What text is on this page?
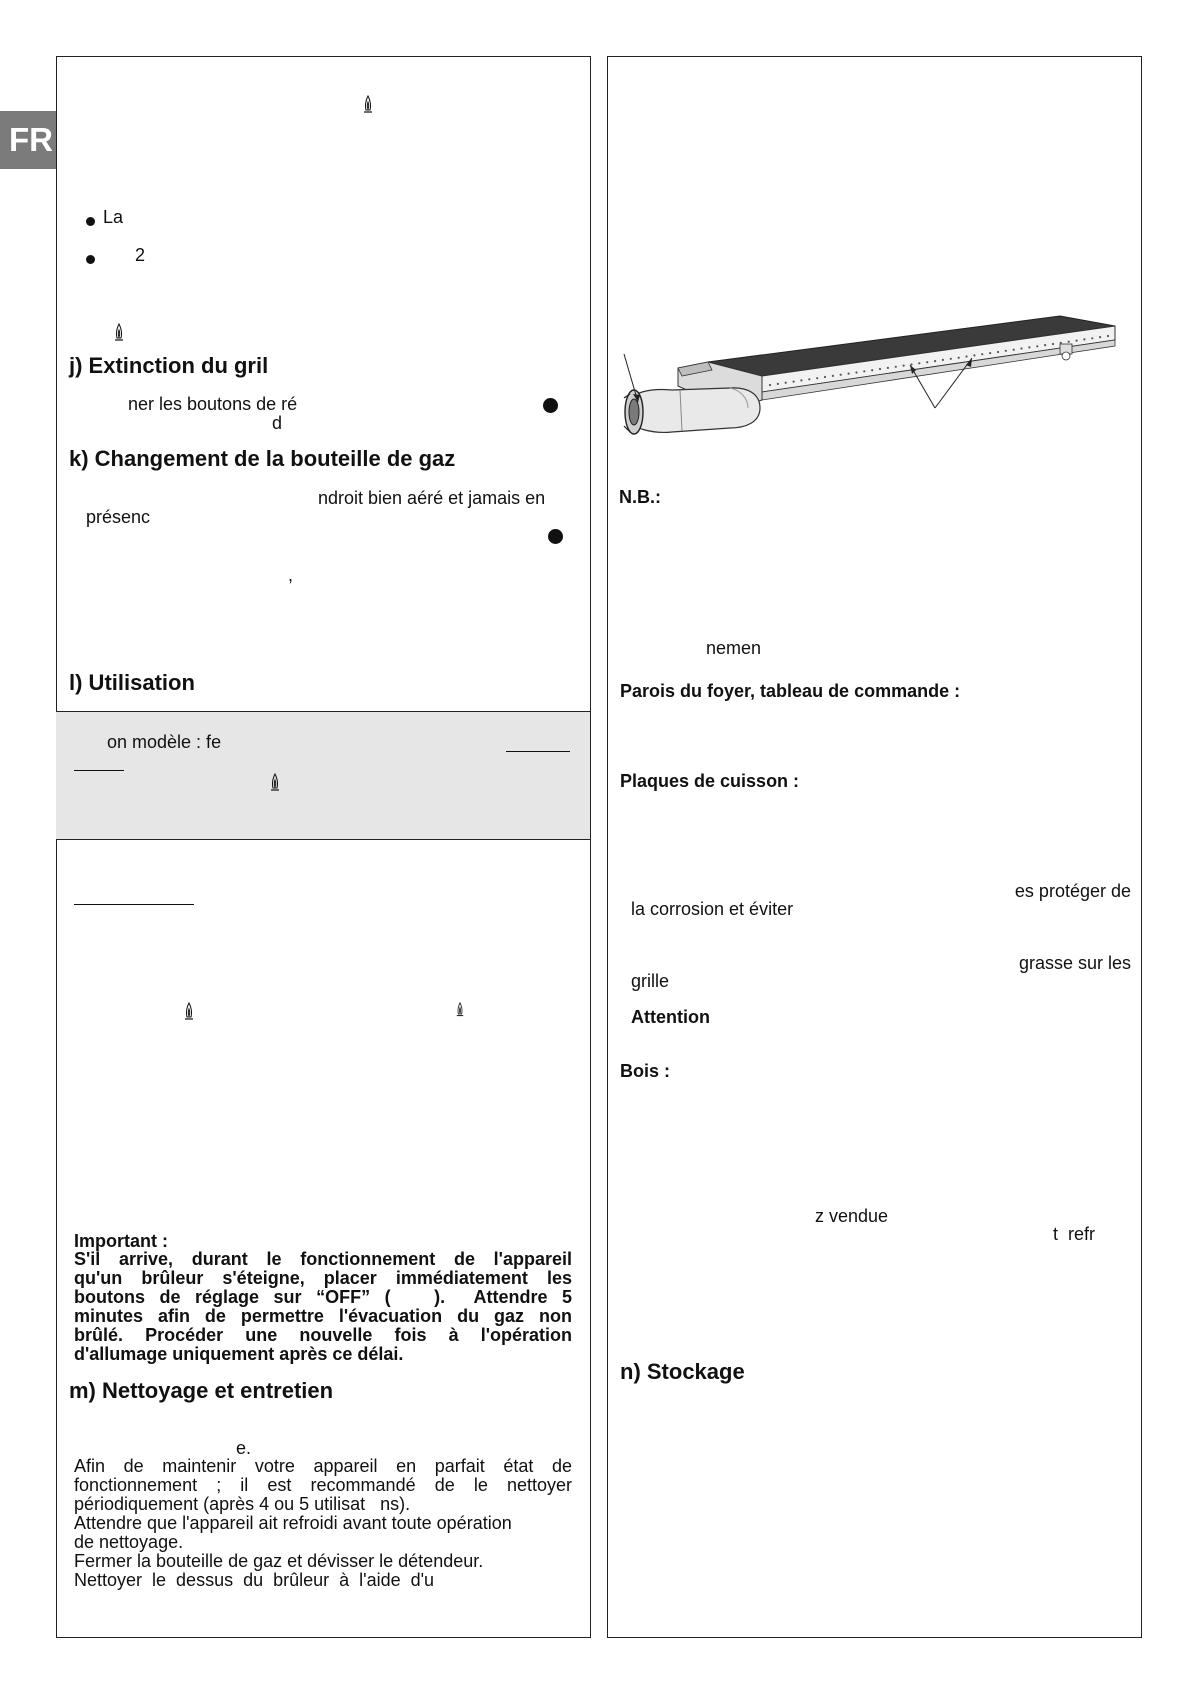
FR
La
2
j) Extinction du gril
ner les boutons de ré
d
k) Changement de la bouteille de gaz
ndroit bien aéré et jamais en
présenc
,
l) Utilisation
on modèle : fe
Important :
S'il arrive, durant le fonctionnement de l'appareil
qu'un brûleur s'éteigne, placer immédiatement les
boutons de réglage sur “OFF” (   ).  Attendre 5
minutes afin de permettre l'évacuation du gaz non
brûlé. Procéder une nouvelle fois à l'opération
d'allumage uniquement après ce délai.
m) Nettoyage et entretien
e.
Afin de maintenir votre appareil en parfait état de
fonctionnement ; il est recommandé de le nettoyer
périodiquement (après 4 ou 5 utilisat   ns).
Attendre que l'appareil ait refroidi avant toute opération
de nettoyage.
Fermer la bouteille de gaz et dévisser le détendeur.
Nettoyer  le  dessus  du  brûleur  à  l'aide  d'u
N.B.:
nemen
Parois du foyer, tableau de commande :
Plaques de cuisson :
es protéger de
la corrosion et éviter
grasse sur les
grille
Attention
Bois :
z vendue
t  refr
n) Stockage
